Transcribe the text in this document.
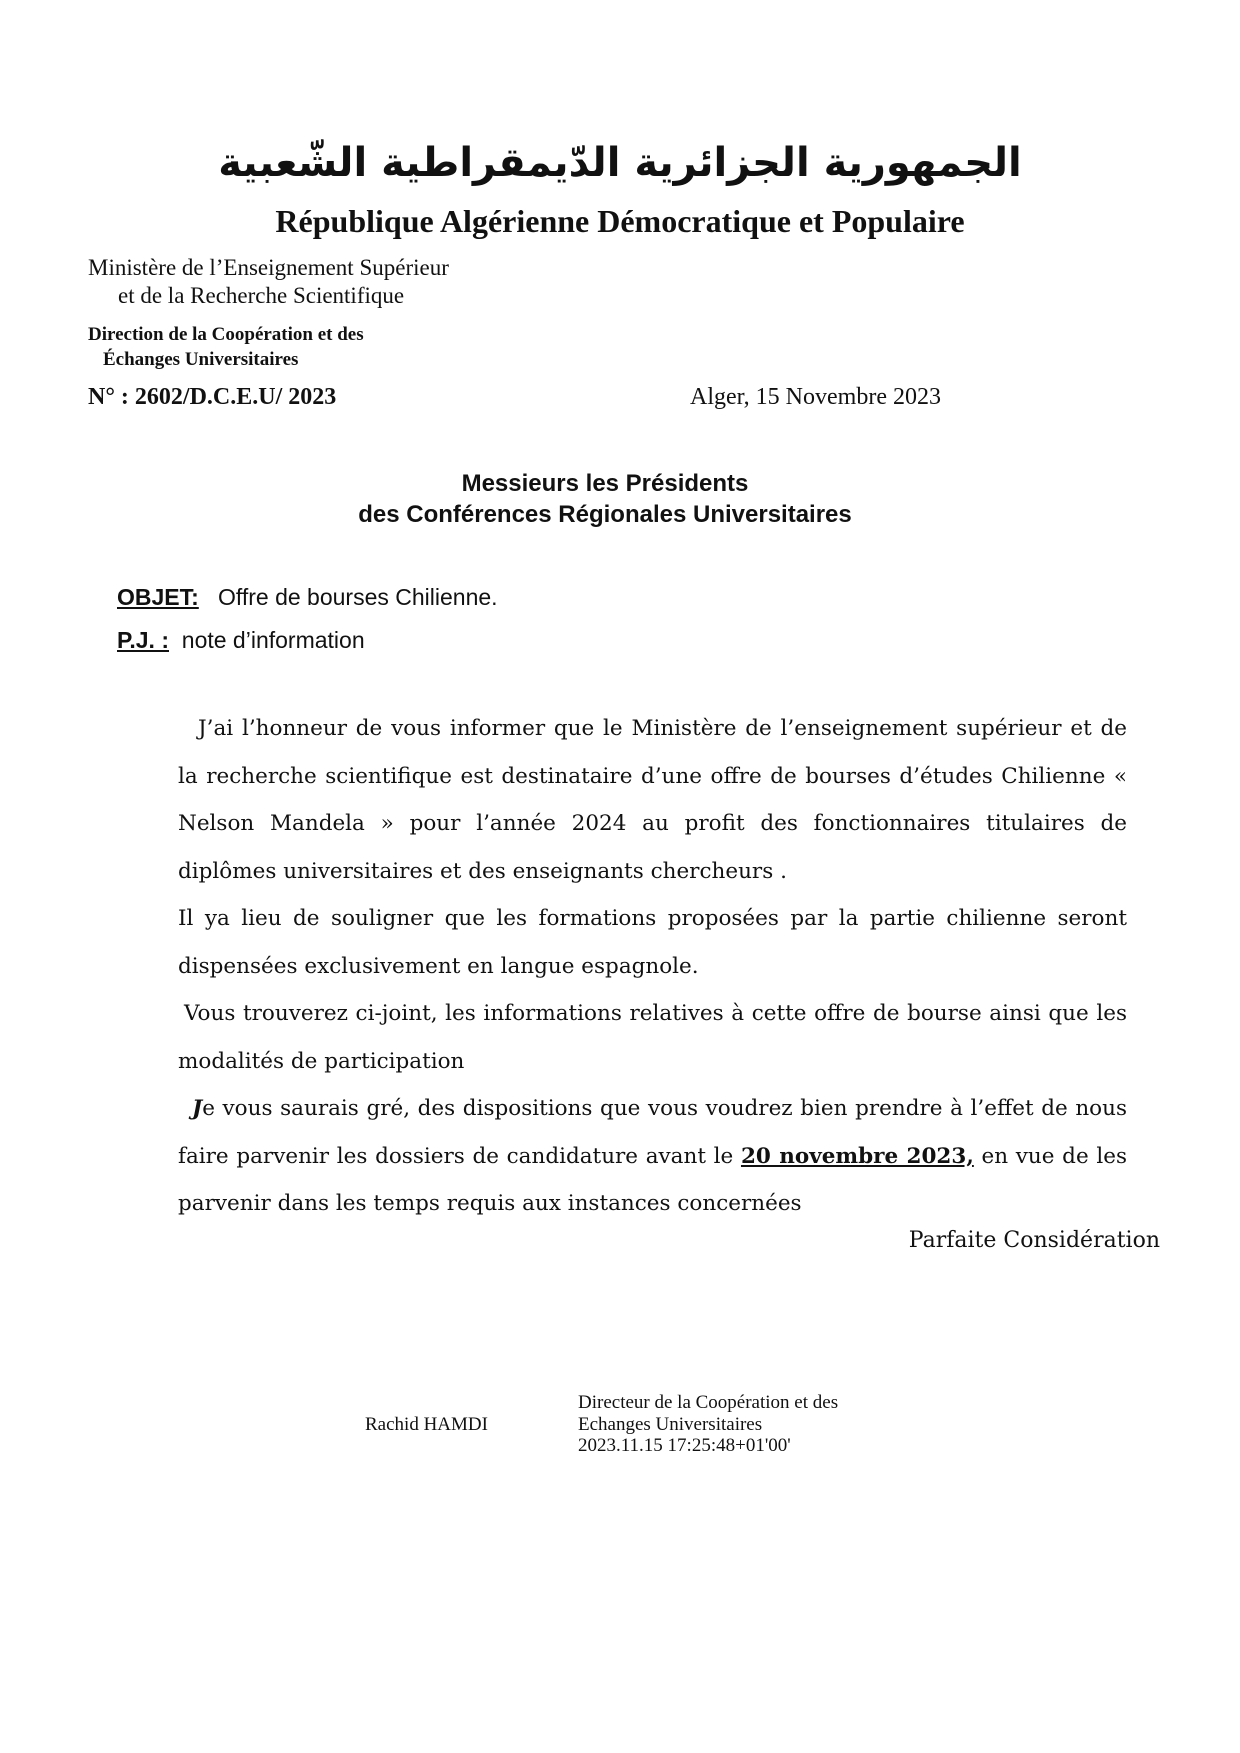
الجمهورية الجزائرية الدّيمقراطية الشّعبية
République Algérienne Démocratique et Populaire
Ministère de l’Enseignement Supérieur
et de la Recherche Scientifique
Direction de la Coopération et des
Échanges Universitaires
N° : 2602/D.C.E.U/ 2023	Alger, 15 Novembre 2023
Messieurs les Présidents
des Conférences Régionales Universitaires
OBJET: Offre de bourses Chilienne.
P.J. : note d’information

J’ai l’honneur de vous informer que le Ministère de l’enseignement supérieur et de la recherche scientifique est destinataire d’une offre de bourses d’études Chilienne « Nelson Mandela » pour l’année 2024 au profit des fonctionnaires titulaires de diplômes universitaires et des enseignants chercheurs .

Il ya lieu de souligner que les formations proposées par la partie chilienne seront dispensées exclusivement en langue espagnole.

Vous trouverez ci-joint, les informations relatives à cette offre de bourse ainsi que les modalités de participation

Je vous saurais gré, des dispositions que vous voudrez bien prendre à l’effet de nous faire parvenir les dossiers de candidature avant le 20 novembre 2023, en vue de les parvenir dans les temps requis aux instances concernées

Parfaite Considération
Rachid HAMDI
Directeur de la Coopération et des
Echanges Universitaires
2023.11.15 17:25:48+01'00'
